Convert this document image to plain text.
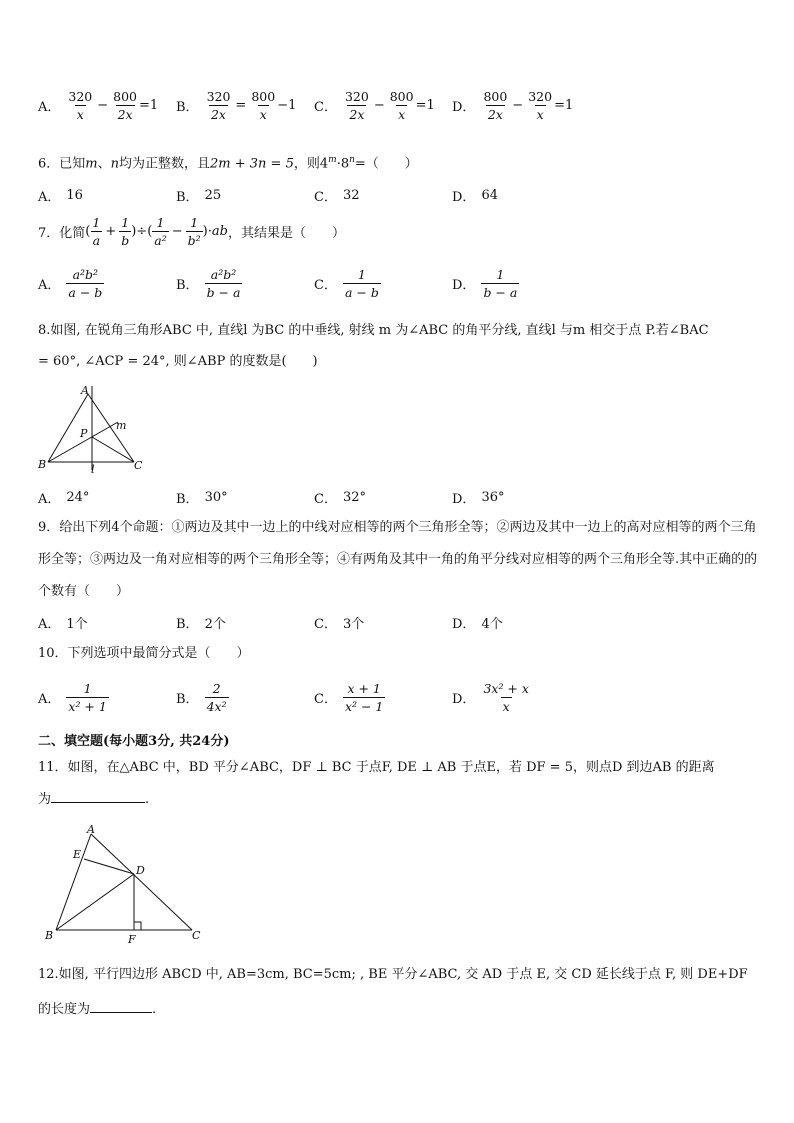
A． $\frac{320}{x} - \frac{800}{2x} =1$ B． $\frac{320}{2x} = \frac{800}{x} -1$ C． $\frac{320}{2x} - \frac{800}{x} =1$ D． $\frac{800}{2x} - \frac{320}{x} =1$
6．已知m、n均为正整数，且2m + 3n = 5，则$4^m\cdot 8^n=$（　　）
A． 16	B． 25	C． 32	D． 64
7．化简 ( $\frac{1}{a} + \frac{1}{b}$ )÷( $\frac{1}{\text{a²}} - \frac{1}{\text{b²}}$ )· ab ，其结果是（　　）
A． $\frac{\text{a²b²}}{a - b}$	B． $\frac{\text{a²b²}}{b - a}$	C． $\frac{1}{a - b}$	D． $\frac{1}{b - a}$
8.如图, 在锐角三角形ABC 中, 直线l 为BC 的中垂线, 射线 m 为∠ABC 的角平分线, 直线l 与m 相交于点 P.若∠BAC
= 60°, ∠ACP = 24°, 则∠ABP 的度数是(　　)
A
B	C
P
m
l
A． 24°	B． 30°	C． 32°	D． 36°
9．给出下列4个命题：①两边及其中一边上的中线对应相等的两个三角形全等；②两边及其中一边上的高对应相等的两个三角形全等；③两边及一角对应相等的两个三角形全等；④有两角及其中一角的角平分线对应相等的两个三角形全等.其中正确的的个数有（　　）
A． 1个	B． 2个	C． 3个	D． 4个
10．下列选项中最简分式是（　　）
A． $\frac{1}{\text{x² + 1}}$	B． $\frac{2}{\text{4x²}}$	C． $\frac{x + 1}{\text{x² − 1}}$	D． $\frac{\text{3x² + x}}{x}$
二、填空题(每小题3分, 共24分)
11．如图，在△ABC 中，BD 平分∠ABC，DF ⊥ BC 于点F, DE ⊥ AB 于点E，若 DF = 5，则点D 到边AB 的距离
为	.
A
E
D
B	F	C
12.如图, 平行四边形 ABCD 中, AB=3cm, BC=5cm; , BE 平分∠ABC, 交 AD 于点 E, 交 CD 延长线于点 F, 则 DE+DF
的长度为	.
